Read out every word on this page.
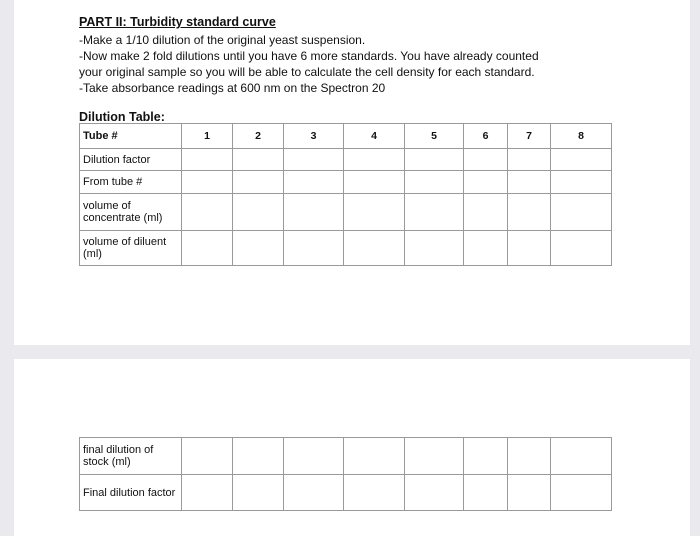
PART II: Turbidity standard curve
-Make a 1/10 dilution of the original yeast suspension.
-Now make 2 fold dilutions until you have 6 more standards. You have already counted
your original sample so you will be able to calculate the cell density for each standard.
-Take absorbance readings at 600 nm on the Spectron 20
Dilution Table:
Tube #	1	2	3	4	5	6	7	8
Dilution factor								
From tube #								
volume of concentrate (ml)								
volume of diluent (ml)								
final dilution of stock (ml)								
Final dilution factor								
